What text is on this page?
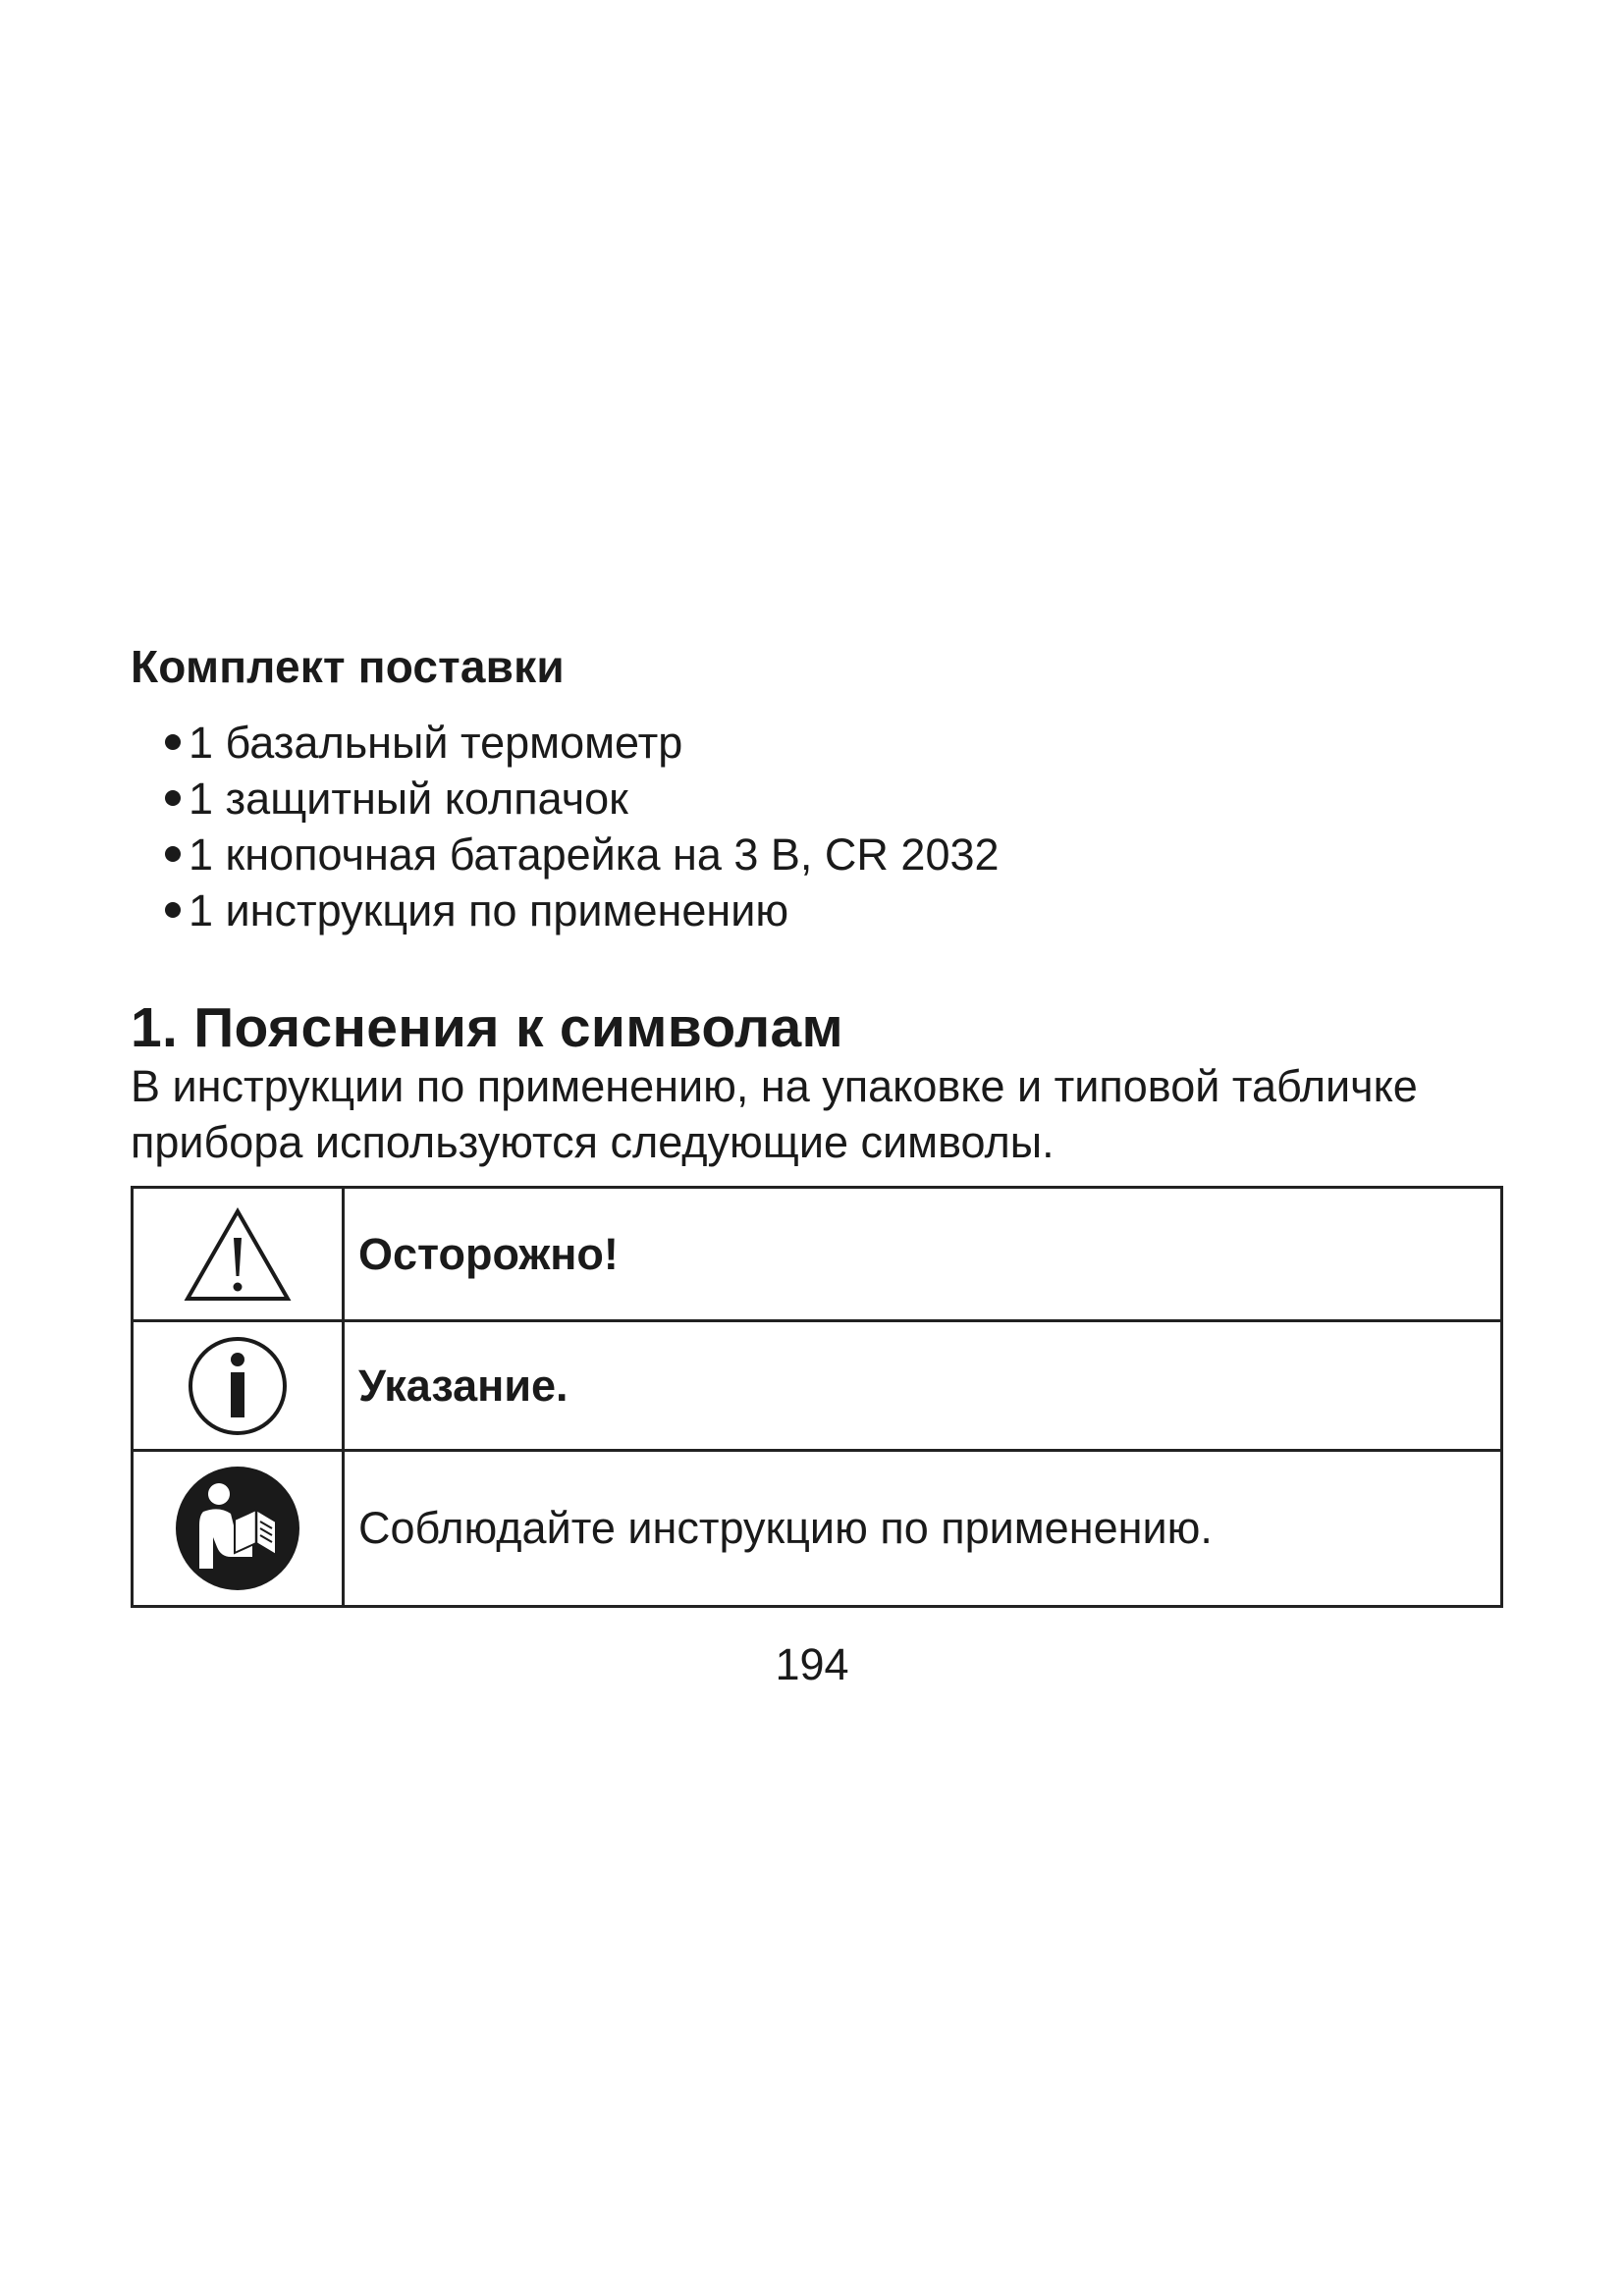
Комплект поставки
1 базальный термометр
1 защитный колпачок
1 кнопочная батарейка на 3 В, CR 2032
1 инструкция по применению
1. Пояснения к символам

В инструкции по применению, на упаковке и типовой табличке прибора используются следующие символы.

	Осторожно!

	Указание.

	Соблюдайте инструкцию по применению.

194
